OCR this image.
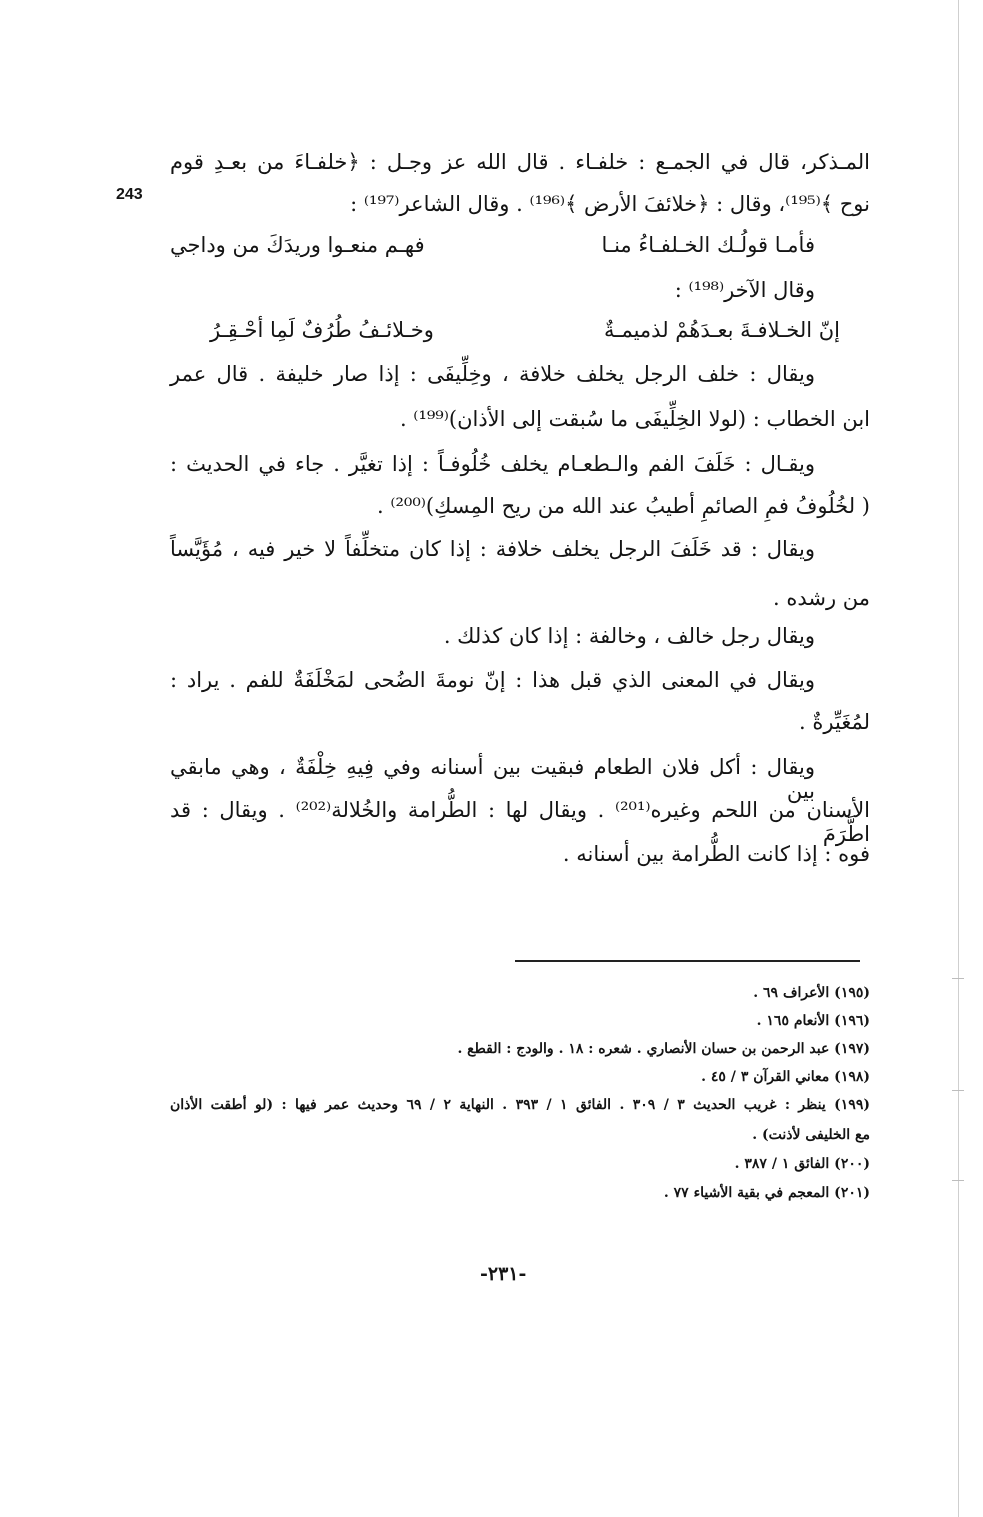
243
المـذكر، قال في الجمـع : خلفـاء . قال الله عز وجـل : ﴿خلفـاءَ من بعـدِ قوم
نوح ﴾⁽¹⁹⁵⁾، وقال : ﴿خلائفَ الأرض ﴾⁽¹⁹⁶⁾ . وقال الشاعر⁽¹⁹⁷⁾ :
فهـم منعـوا وريدَكَ من وداجي	فأمـا قولُـك الخـلفـاءُ منـا
وقال الآخر⁽¹⁹⁸⁾ :
وخـلائـفُ طُرُفٌ لَمِا أحْـقِـرُ	إنّ الخـلافـةَ بعـدَهُمْ لذميمـةٌ
ويقال : خلف الرجل يخلف خلافة ، وخِلِّيفَى : إذا صار خليفة . قال عمر
ابن الخطاب : (لولا الخِلِّيفَى ما سُبقت إلى الأذان)⁽¹⁹⁹⁾ .
ويقـال : خَلَفَ الفم والـطعـام يخلف خُلُوفـاً : إذا تغيَّر . جاء في الحديث :
( لخُلُوفُ فمِ الصائمِ أطيبُ عند الله من ريح المِسكِ)⁽²⁰⁰⁾ .
ويقال : قد خَلَفَ الرجل يخلف خلافة : إذا كان متخلِّفاً لا خير فيه ، مُؤَيَّساً
من رشده .
ويقال رجل خالف ، وخالفة : إذا كان كذلك .
ويقال في المعنى الذي قبل هذا : إنّ نومةَ الضُحى لمَخْلَفَةٌ للفم . يراد :
لمُغَيِّرةٌ .
ويقال : أكل فلان الطعام فبقيت بين أسنانه وفي فِيهِ خِلْفَةٌ ، وهي مابقي بين
الأسنان من اللحم وغيره⁽²⁰¹⁾ . ويقال لها : الطُّرامة والخُلالة⁽²⁰²⁾ . ويقال : قد اطَّرَمَ
فوه : إذا كانت الطُّرامة بين أسنانه .
(١٩٥) الأعراف ٦٩ .
(١٩٦) الأنعام ١٦٥ .
(١٩٧) عبد الرحمن بن حسان الأنصاري . شعره : ١٨ . والودج : القطع .
(١٩٨) معاني القرآن ٣ / ٤٥ .
(١٩٩) ينظر : غريب الحديث ٣ / ٣٠٩ . الفائق ١ / ٣٩٣ . النهاية ٢ / ٦٩ وحديث عمر فيها : (لو أطقت الأذان
مع الخليفى لأذنت) .
(٢٠٠) الفائق ١ / ٣٨٧ .
(٢٠١) المعجم في بقية الأشياء ٧٧ .
-٢٣١-
